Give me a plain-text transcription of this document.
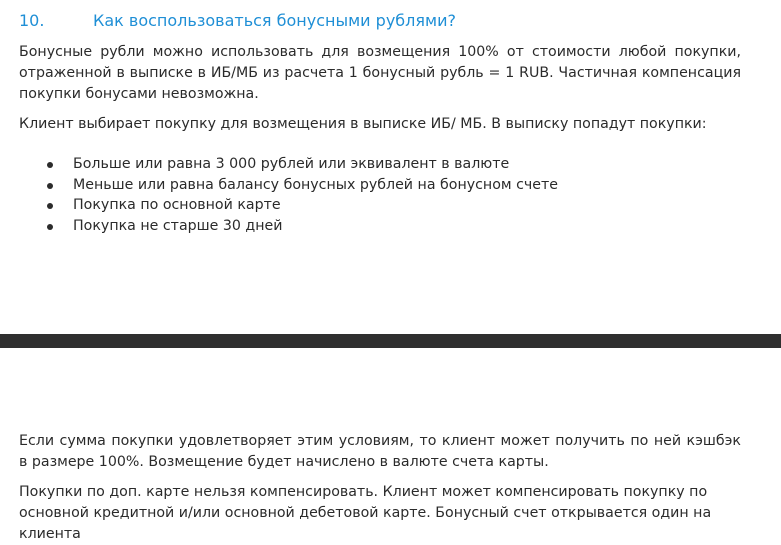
10.	Как воспользоваться бонусными рублями?
Бонусные рубли можно использовать для возмещения 100% от стоимости любой покупки, отраженной в выписке в ИБ/МБ из расчета 1 бонусный рубль = 1 RUB. Частичная компенсация покупки бонусами невозможна.
Клиент выбирает покупку для возмещения в выписке ИБ/ МБ. В выписку попадут покупки:
Больше или равна 3 000 рублей или эквивалент в валюте
Меньше или равна балансу бонусных рублей на бонусном счете
Покупка по основной карте
Покупка не старше 30 дней
Если сумма покупки удовлетворяет этим условиям, то клиент может получить по ней кэшбэк в размере 100%. Возмещение будет начислено в валюте счета карты.
Покупки по доп. карте нельзя компенсировать. Клиент может компенсировать покупку по основной кредитной и/или основной дебетовой карте. Бонусный счет открывается один на клиента
